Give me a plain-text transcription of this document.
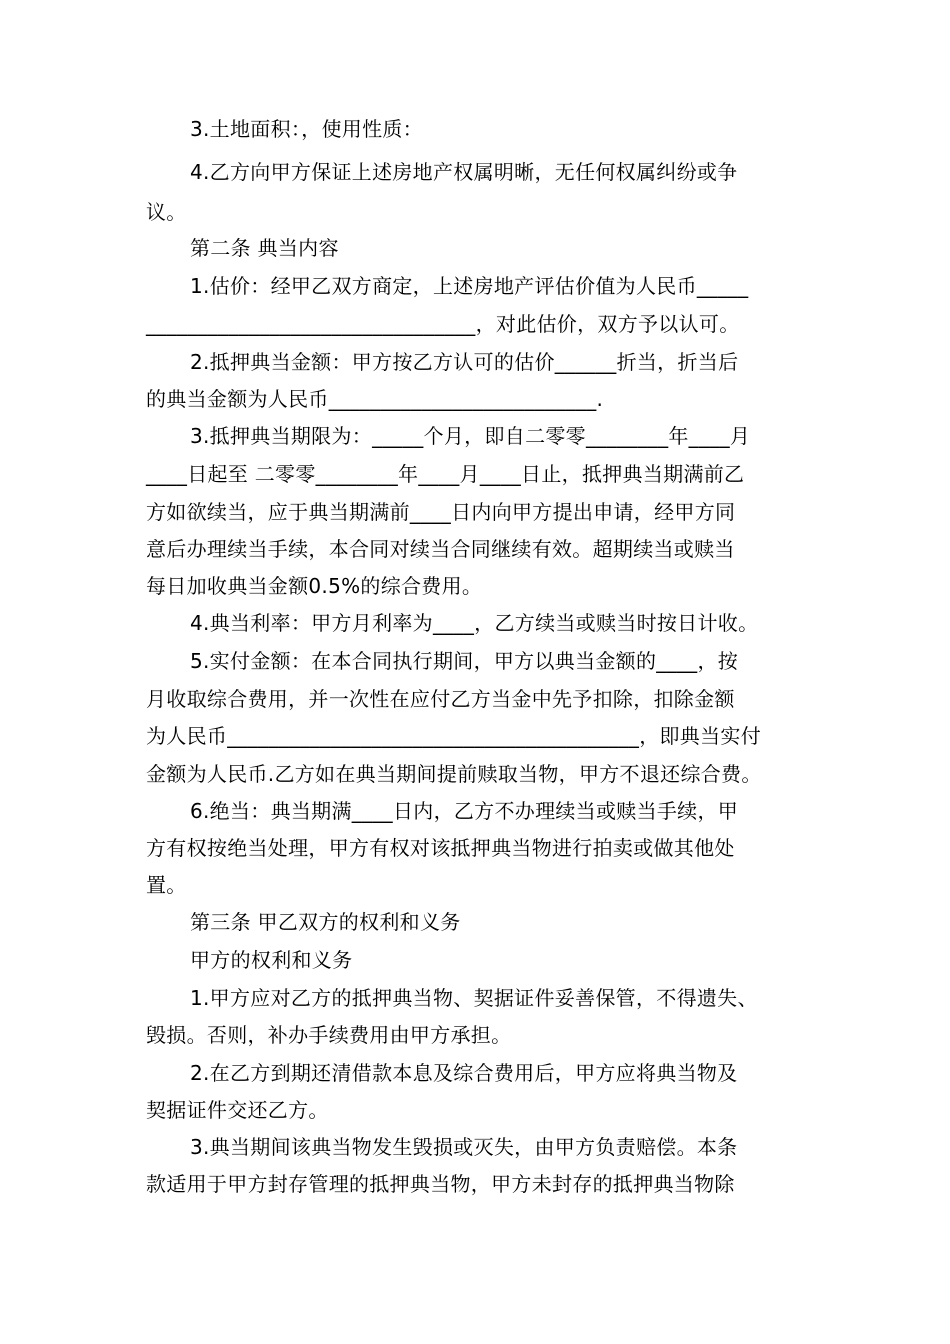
3.土地面积：，使用性质：
4.乙方向甲方保证上述房地产权属明晰，无任何权属纠纷或争
议。
第二条 典当内容
1.估价：经甲乙双方商定，上述房地产评估价值为人民币_____
________________________________，对此估价，双方予以认可。
2.抵押典当金额：甲方按乙方认可的估价______折当，折当后
的典当金额为人民币__________________________.
3.抵押典当期限为：_____个月，即自二零零________年____月
____日起至 二零零________年____月____日止，抵押典当期满前乙
方如欲续当，应于典当期满前____日内向甲方提出申请，经甲方同
意后办理续当手续，本合同对续当合同继续有效。超期续当或赎当
每日加收典当金额0.5%的综合费用。
4.典当利率：甲方月利率为____，乙方续当或赎当时按日计收。
5.实付金额：在本合同执行期间，甲方以典当金额的____，按
月收取综合费用，并一次性在应付乙方当金中先予扣除，扣除金额
为人民币________________________________________，即典当实付
金额为人民币.乙方如在典当期间提前赎取当物，甲方不退还综合费。
6.绝当：典当期满____日内，乙方不办理续当或赎当手续，甲
方有权按绝当处理，甲方有权对该抵押典当物进行拍卖或做其他处
置。
第三条 甲乙双方的权利和义务
甲方的权利和义务
1.甲方应对乙方的抵押典当物、契据证件妥善保管，不得遗失、
毁损。否则，补办手续费用由甲方承担。
2.在乙方到期还清借款本息及综合费用后，甲方应将典当物及
契据证件交还乙方。
3.典当期间该典当物发生毁损或灭失，由甲方负责赔偿。本条
款适用于甲方封存管理的抵押典当物，甲方未封存的抵押典当物除
